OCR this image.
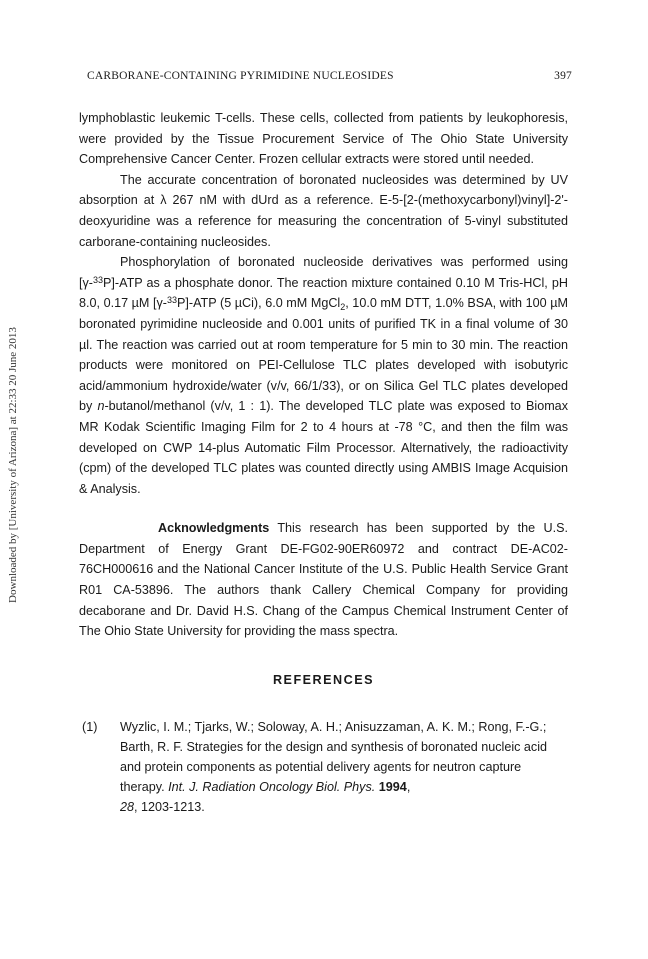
CARBORANE-CONTAINING PYRIMIDINE NUCLEOSIDES	397
Downloaded by [University of Arizona] at 22:33 20 June 2013

lymphoblastic leukemic T-cells. These cells, collected from patients by leukophoresis, were provided by the Tissue Procurement Service of The Ohio State University Comprehensive Cancer Center. Frozen cellular extracts were stored until needed.

The accurate concentration of boronated nucleosides was determined by UV absorption at λ 267 nM with dUrd as a reference. E-5-[2-(methoxycarbonyl)vinyl]-2'-deoxyuridine was a reference for measuring the concentration of 5-vinyl substituted carborane-containing nucleosides.

Phosphorylation of boronated nucleoside derivatives was performed using [γ-$^{33}$P]-ATP as a phosphate donor. The reaction mixture contained 0.10 M Tris-HCl, pH 8.0, 0.17 µM [γ-$^{33}$P]-ATP (5 µCi), 6.0 mM MgCl$_2$, 10.0 mM DTT, 1.0% BSA, with 100 µM boronated pyrimidine nucleoside and 0.001 units of purified TK in a final volume of 30 µl. The reaction was carried out at room temperature for 5 min to 30 min. The reaction products were monitored on PEI-Cellulose TLC plates developed with isobutyric acid/ammonium hydroxide/water (v/v, 66/1/33), or on Silica Gel TLC plates developed by n-butanol/methanol (v/v, 1 : 1). The developed TLC plate was exposed to Biomax MR Kodak Scientific Imaging Film for 2 to 4 hours at -78 °C, and then the film was developed on CWP 14-plus Automatic Film Processor. Alternatively, the radioactivity (cpm) of the developed TLC plates was counted directly using AMBIS Image Acquision & Analysis.

Acknowledgments This research has been supported by the U.S. Department of Energy Grant DE-FG02-90ER60972 and contract DE-AC02-76CH000616 and the National Cancer Institute of the U.S. Public Health Service Grant R01 CA-53896. The authors thank Callery Chemical Company for providing decaborane and Dr. David H.S. Chang of the Campus Chemical Instrument Center of The Ohio State University for providing the mass spectra.

REFERENCES

(1) Wyzlic, I. M.; Tjarks, W.; Soloway, A. H.; Anisuzzaman, A. K. M.; Rong, F.-G.; Barth, R. F. Strategies for the design and synthesis of boronated nucleic acid and protein components as potential delivery agents for neutron capture therapy. Int. J. Radiation Oncology Biol. Phys. 1994,
28, 1203-1213.
